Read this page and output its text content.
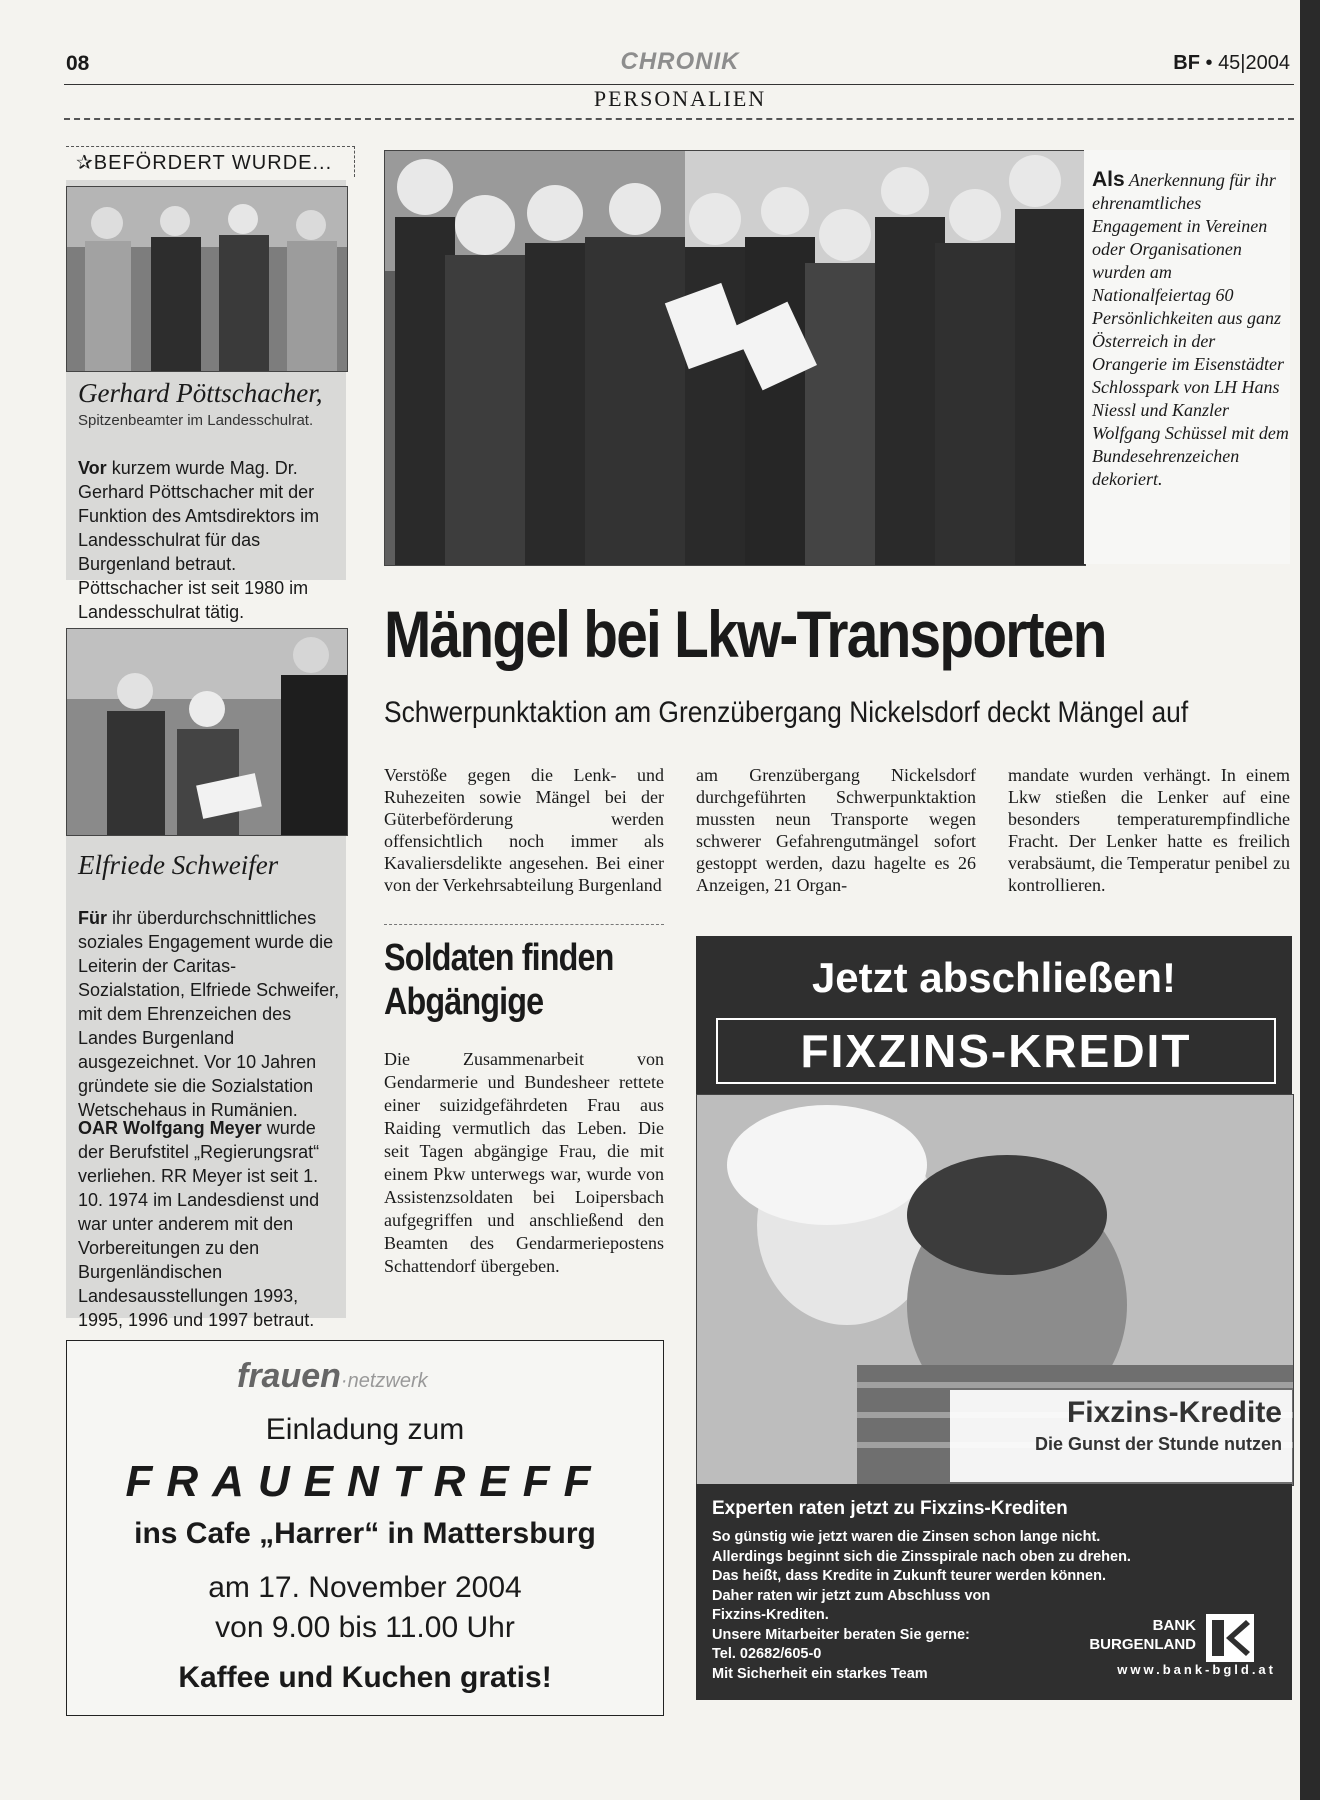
08	CHRONIK	BF • 45|2004
PERSONALIEN
✰BEFÖRDERT WURDE...
Gerhard Pöttschacher,
Spitzenbeamter im Landesschulrat.
Vor kurzem wurde Mag. Dr. Gerhard Pöttschacher mit der Funktion des Amtsdirektors im Landesschulrat für das Burgenland betraut. Pöttschacher ist seit 1980 im Landesschulrat tätig.
Elfriede Schweifer
Für ihr überdurchschnittliches soziales Engagement wurde die Leiterin der Caritas-Sozialstation, Elfriede Schweifer, mit dem Ehrenzeichen des Landes Burgenland ausgezeichnet. Vor 10 Jahren gründete sie die Sozialstation Wetschehaus in Rumänien.
OAR Wolfgang Meyer wurde der Berufstitel „Regierungsrat“ verliehen. RR Meyer ist seit 1. 10. 1974 im Landesdienst und war unter anderem mit den Vorbereitungen zu den Burgenländischen Landesausstellungen 1993, 1995, 1996 und 1997 betraut.

Als Anerkennung für ihr ehrenamtliches Engagement in Vereinen oder Organisationen wurden am Nationalfeiertag 60 Persönlichkeiten aus ganz Österreich in der Orangerie im Eisenstädter Schlosspark von LH Hans Niessl und Kanzler Wolfgang Schüssel mit dem Bundesehrenzeichen dekoriert.

Mängel bei Lkw-Transporten
Schwerpunktaktion am Grenzübergang Nickelsdorf deckt Mängel auf
Verstöße gegen die Lenk- und Ruhezeiten sowie Mängel bei der Güterbeförderung werden offensichtlich noch immer als Kavaliersdelikte angesehen. Bei einer von der Verkehrsabteilung Burgenland
am Grenzübergang Nickelsdorf durchgeführten Schwerpunktaktion mussten neun Transporte wegen schwerer Gefahrengutmängel sofort gestoppt werden, dazu hagelte es 26 Anzeigen, 21 Organ-
mandate wurden verhängt. In einem Lkw stießen die Lenker auf eine besonders temperaturempfindliche Fracht. Der Lenker hatte es freilich verabsäumt, die Temperatur penibel zu kontrollieren.
Soldaten finden Abgängige
Die Zusammenarbeit von Gendarmerie und Bundesheer rettete einer suizidgefährdeten Frau aus Raiding vermutlich das Leben. Die seit Tagen abgängige Frau, die mit einem Pkw unterwegs war, wurde von Assistenzsoldaten bei Loipersbach aufgegriffen und anschließend den Beamten des Gendarmeriepostens Schattendorf übergeben.
Jetzt abschließen!
FIXZINS-KREDIT
Fixzins-Kredite
Die Gunst der Stunde nutzen
Experten raten jetzt zu Fixzins-Krediten
So günstig wie jetzt waren die Zinsen schon lange nicht.
Allerdings beginnt sich die Zinsspirale nach oben zu drehen.
Das heißt, dass Kredite in Zukunft teurer werden können.
Daher raten wir jetzt zum Abschluss von
Fixzins-Krediten.
Unsere Mitarbeiter beraten Sie gerne:
Tel. 02682/605-0
Mit Sicherheit ein starkes Team
BANK
BURGENLAND
www.bank-bgld.at
frauen·netzwerk
Einladung zum
FRAUENTREFF
ins Cafe „Harrer“ in Mattersburg
am 17. November 2004
von 9.00 bis 11.00 Uhr
Kaffee und Kuchen gratis!
